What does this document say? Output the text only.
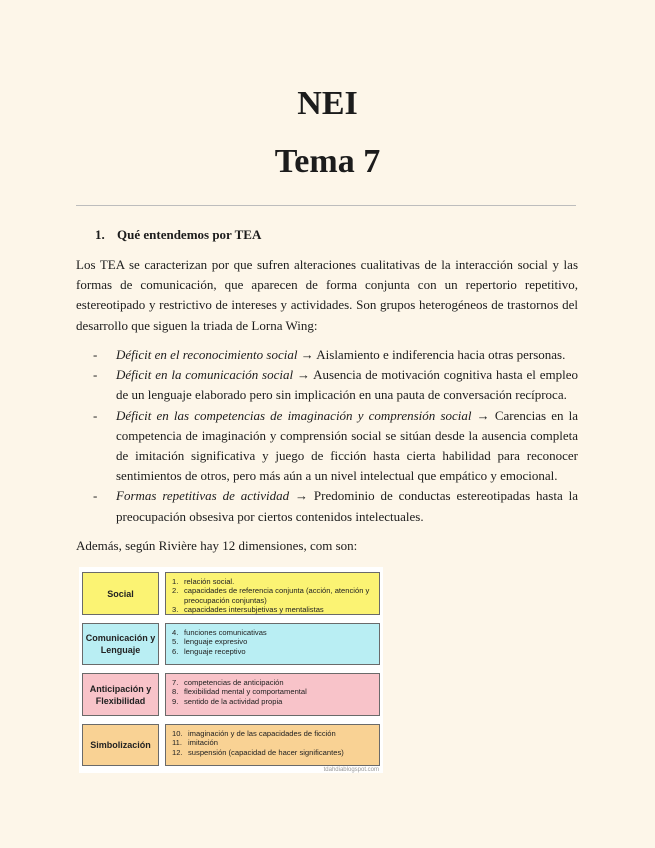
NEI
Tema 7
1. Qué entendemos por TEA

Los TEA se caracterizan por que sufren alteraciones cualitativas de la interacción social y las formas de comunicación, que aparecen de forma conjunta con un repertorio repetitivo, estereotipado y restrictivo de intereses y actividades. Son grupos heterogéneos de trastornos del desarrollo que siguen la triada de Lorna Wing:

- Déficit en el reconocimiento social → Aislamiento e indiferencia hacia otras personas.
- Déficit en la comunicación social → Ausencia de motivación cognitiva hasta el empleo de un lenguaje elaborado pero sin implicación en una pauta de conversación recíproca.
- Déficit en las competencias de imaginación y comprensión social → Carencias en la competencia de imaginación y comprensión social se sitúan desde la ausencia completa de imitación significativa y juego de ficción hasta cierta habilidad para reconocer sentimientos de otros, pero más aún a un nivel intelectual que empático y emocional.
- Formas repetitivas de actividad → Predominio de conductas estereotipadas hasta la preocupación obsesiva por ciertos contenidos intelectuales.

Además, según Rivière hay 12 dimensiones, com son:

Social
1. relación social.
2. capacidades de referencia conjunta (acción, atención y preocupación conjuntas)
3. capacidades intersubjetivas y mentalistas
Comunicación y Lenguaje
4. funciones comunicativas
5. lenguaje expresivo
6. lenguaje receptivo
Anticipación y Flexibilidad
7. competencias de anticipación
8. flexibilidad mental y comportamental
9. sentido de la actividad propia
Simbolización
10. imaginación y de las capacidades de ficción
11. imitación
12. suspensión (capacidad de hacer significantes)
tdahdiablogspot.com
